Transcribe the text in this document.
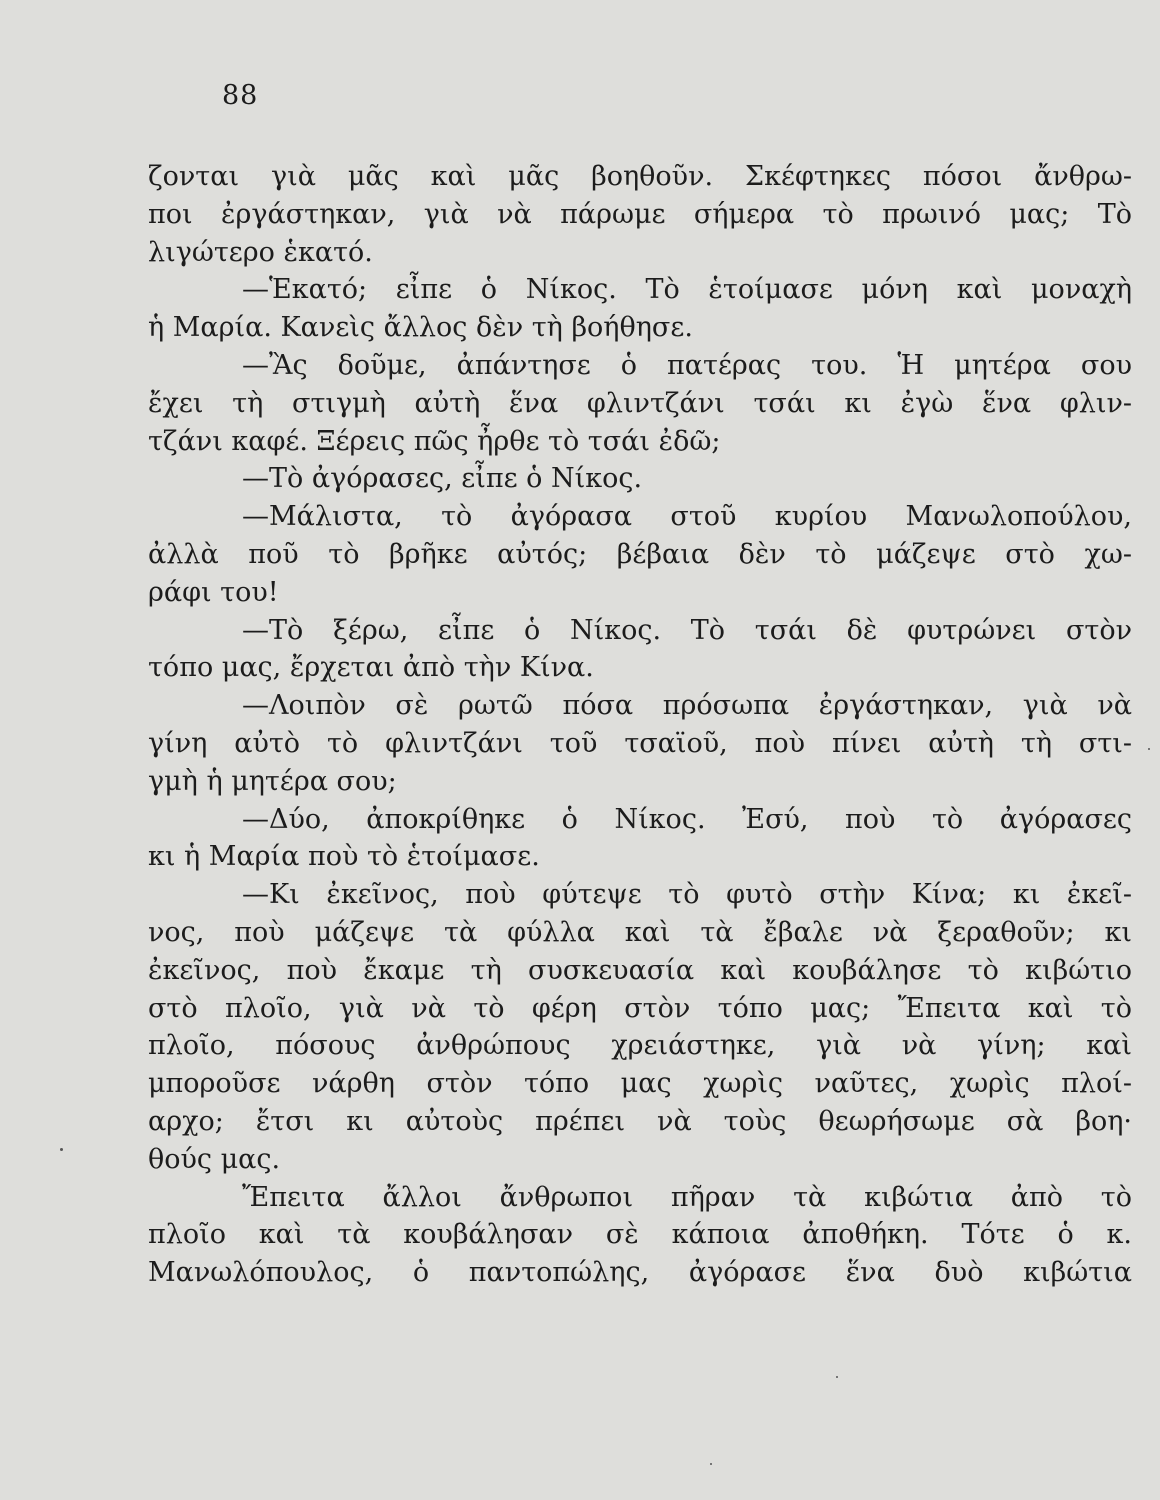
88
ζονται γιὰ μᾶς καὶ μᾶς βοηθοῦν. Σκέφτηκες πόσοι ἄνθρω-
ποι ἐργάστηκαν, γιὰ νὰ πάρωμε σήμερα τὸ πρωινό μας; Τὸ
λιγώτερο ἑκατό.
—Ἑκατό; εἶπε ὁ Νίκος. Τὸ ἑτοίμασε μόνη καὶ μοναχὴ
ἡ Μαρία. Κανεὶς ἄλλος δὲν τὴ βοήθησε.
—Ἂς δοῦμε, ἀπάντησε ὁ πατέρας του. Ἡ μητέρα σου
ἔχει τὴ στιγμὴ αὐτὴ ἕνα φλιντζάνι τσάι κι ἐγὼ ἕνα φλιν-
τζάνι καφέ. Ξέρεις πῶς ἦρθε τὸ τσάι ἐδῶ;
—Τὸ ἀγόρασες, εἶπε ὁ Νίκος.
—Μάλιστα, τὸ ἀγόρασα στοῦ κυρίου Μανωλοπούλου,
ἀλλὰ ποῦ τὸ βρῆκε αὐτός; βέβαια δὲν τὸ μάζεψε στὸ χω-
ράφι του!
—Τὸ ξέρω, εἶπε ὁ Νίκος. Τὸ τσάι δὲ φυτρώνει στὸν
τόπο μας, ἔρχεται ἀπὸ τὴν Κίνα.
—Λοιπὸν σὲ ρωτῶ πόσα πρόσωπα ἐργάστηκαν, γιὰ νὰ
γίνη αὐτὸ τὸ φλιντζάνι τοῦ τσαϊοῦ, ποὺ πίνει αὐτὴ τὴ στι-
γμὴ ἡ μητέρα σου;
—Δύο, ἀποκρίθηκε ὁ Νίκος. Ἐσύ, ποὺ τὸ ἀγόρασες
κι ἡ Μαρία ποὺ τὸ ἑτοίμασε.
—Κι ἐκεῖνος, ποὺ φύτεψε τὸ φυτὸ στὴν Κίνα; κι ἐκεῖ-
νος, ποὺ μάζεψε τὰ φύλλα καὶ τὰ ἔβαλε νὰ ξεραθοῦν; κι
ἐκεῖνος, ποὺ ἔκαμε τὴ συσκευασία καὶ κουβάλησε τὸ κιβώτιο
στὸ πλοῖο, γιὰ νὰ τὸ φέρη στὸν τόπο μας; Ἔπειτα καὶ τὸ
πλοῖο, πόσους ἀνθρώπους χρειάστηκε, γιὰ νὰ γίνη; καὶ
μποροῦσε νάρθη στὸν τόπο μας χωρὶς ναῦτες, χωρὶς πλοί-
αρχο; ἔτσι κι αὐτοὺς πρέπει νὰ τοὺς θεωρήσωμε σὰ βοη·
θούς μας.
Ἔπειτα ἄλλοι ἄνθρωποι πῆραν τὰ κιβώτια ἀπὸ τὸ
πλοῖο καὶ τὰ κουβάλησαν σὲ κάποια ἀποθήκη. Τότε ὁ κ.
Μανωλόπουλος, ὁ παντοπώλης, ἀγόρασε ἕνα δυὸ κιβώτια
